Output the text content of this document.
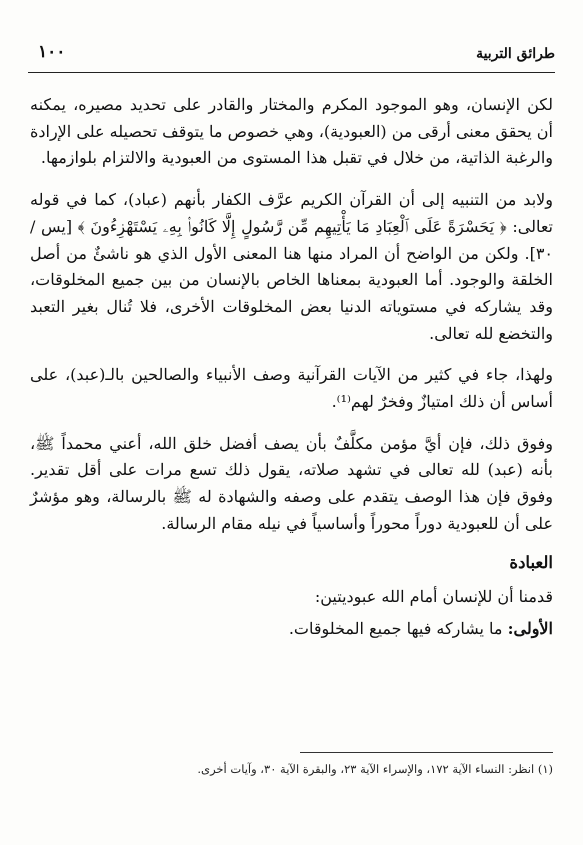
١٠٠	طرائق التربية

لكن الإنسان، وهو الموجود المكرم والمختار والقادر على تحديد مصيره، يمكنه أن يحقق معنى أرقى من (العبودية)، وهي خصوص ما يتوقف تحصيله على الإرادة والرغبة الذاتية، من خلال في تقبل هذا المستوى من العبودية والالتزام بلوازمها.

ولابد من التنبيه إلى أن القرآن الكريم عرَّف الكفار بأنهم (عباد)، كما في قوله تعالى: ﴿ يَحَسْرَةً عَلَى ٱلْعِبَادِ مَا يَأْتِيهِم مِّن رَّسُولٍ إِلَّا كَانُوا۟ بِهِۦ يَسْتَهْزِءُونَ ﴾ [يس / ٣٠]. ولكن من الواضح أن المراد منها هنا المعنى الأول الذي هو ناشئٌ من أصل الخلقة والوجود. أما العبودية بمعناها الخاص بالإنسان من بين جميع المخلوقات، وقد يشاركه في مستوياته الدنيا بعض المخلوقات الأخرى، فلا تُنال بغير التعبد والتخضع لله تعالى.

ولهذا، جاء في كثير من الآيات القرآنية وصف الأنبياء والصالحين بالـ(عبد)، على أساس أن ذلك امتيازٌ وفخرٌ لهم⁽¹⁾.

وفوق ذلك، فإن أيَّ مؤمن مكلَّفٌ بأن يصف أفضل خلق الله، أعني محمداً ﷺ، بأنه (عبد) لله تعالى في تشهد صلاته، يقول ذلك تسع مرات على أقل تقدير. وفوق فإن هذا الوصف يتقدم على وصفه والشهادة له ﷺ بالرسالة، وهو مؤشرٌ على أن للعبودية دوراً محوراً وأساسياً في نيله مقام الرسالة.

العبادة

قدمنا أن للإنسان أمام الله عبوديتين:

الأولى: ما يشاركه فيها جميع المخلوقات.

(١) انظر: النساء الآية ١٧٢، والإسراء الآية ٢٣، والبقرة الآية ٣٠، وآيات أخرى.
